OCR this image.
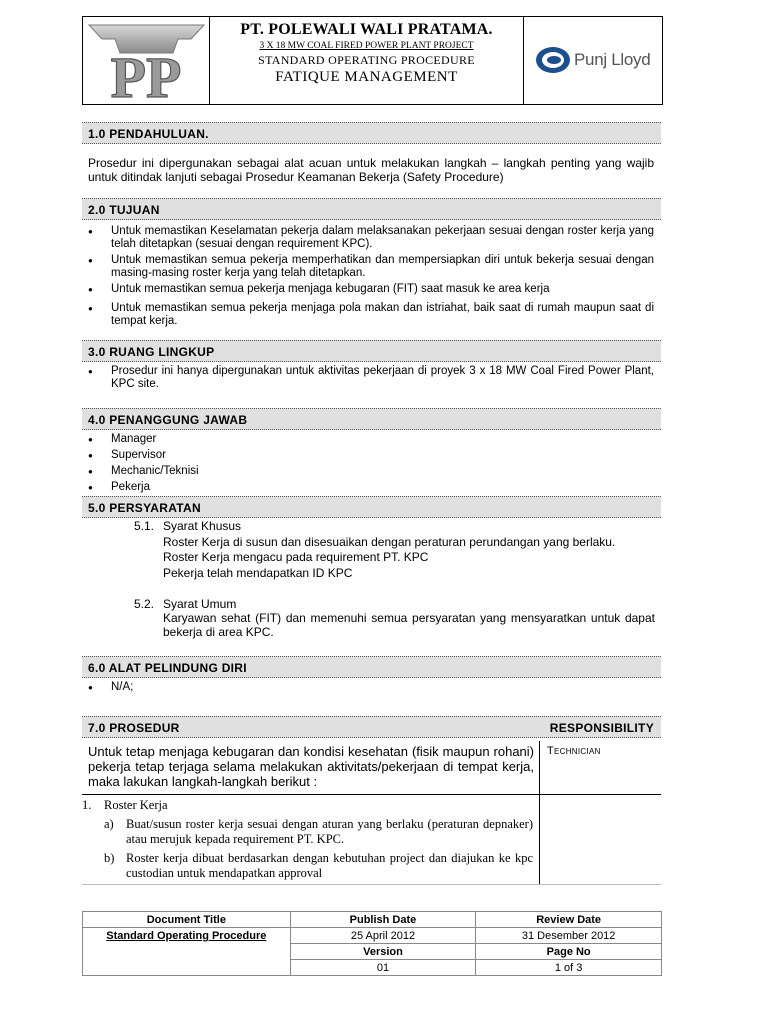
PP
PT. POLEWALI WALI PRATAMA.
3 X 18 MW COAL FIRED POWER PLANT PROJECT
STANDARD OPERATING PROCEDURE
FATIQUE MANAGEMENT
Punj Lloyd
1.0 PENDAHULUAN.
Prosedur ini dipergunakan sebagai alat acuan untuk melakukan langkah – langkah penting yang wajib untuk ditindak lanjuti sebagai Prosedur Keamanan Bekerja (Safety Procedure)
2.0 TUJUAN
● Untuk memastikan Keselamatan pekerja dalam melaksanakan pekerjaan sesuai dengan roster kerja yang telah ditetapkan (sesuai dengan requirement KPC).
● Untuk memastikan semua pekerja memperhatikan dan mempersiapkan diri untuk bekerja sesuai dengan masing-masing roster kerja yang telah ditetapkan.
● Untuk memastikan semua pekerja menjaga kebugaran (FIT) saat masuk ke area kerja
● Untuk memastikan semua pekerja menjaga pola makan dan istriahat, baik saat di rumah maupun saat di tempat kerja.
3.0 RUANG LINGKUP
● Prosedur ini hanya dipergunakan untuk aktivitas pekerjaan di proyek 3 x 18 MW Coal Fired Power Plant, KPC site.
4.0 PENANGGUNG JAWAB
● Manager
● Supervisor
● Mechanic/Teknisi
● Pekerja
5.0 PERSYARATAN
5.1. Syarat Khusus
Roster Kerja di susun dan disesuaikan dengan peraturan perundangan yang berlaku.
Roster Kerja mengacu pada requirement PT. KPC
Pekerja telah mendapatkan ID KPC
5.2. Syarat Umum
Karyawan sehat (FIT) dan memenuhi semua persyaratan yang mensyaratkan untuk dapat bekerja di area KPC.
6.0 ALAT PELINDUNG DIRI
● N/A;
7.0 PROSEDUR	RESPONSIBILITY
Untuk tetap menjaga kebugaran dan kondisi kesehatan (fisik maupun rohani) pekerja tetap terjaga selama melakukan aktivitats/pekerjaan di tempat kerja, maka lakukan langkah-langkah berikut :
Technician
1. Roster Kerja
a) Buat/susun roster kerja sesuai dengan aturan yang berlaku (peraturan depnaker) atau merujuk kepada requirement PT. KPC.
b) Roster kerja dibuat berdasarkan dengan kebutuhan project dan diajukan ke kpc custodian untuk mendapatkan approval
Document Title	Publish Date	Review Date
Standard Operating Procedure	25 April 2012	31 Desember 2012
	Version	Page No
	01	1 of 3
